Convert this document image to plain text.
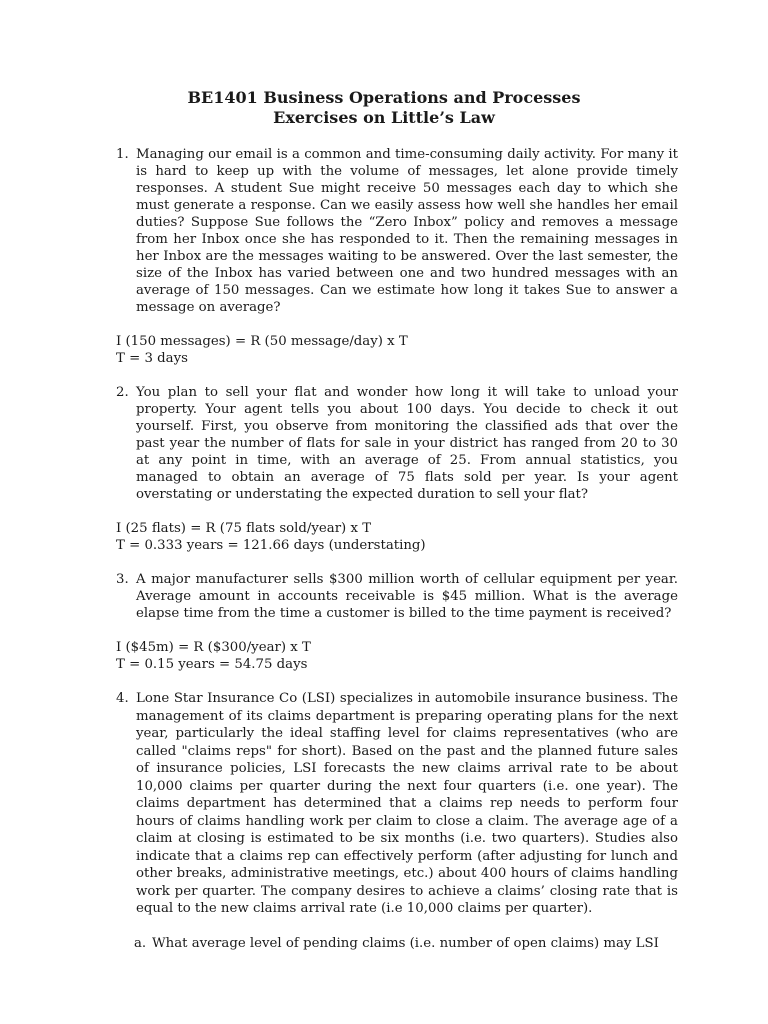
BE1401 Business Operations and Processes
Exercises on Little’s Law

1. Managing our email is a common and time-consuming daily activity. For many it is hard to keep up with the volume of messages, let alone provide timely responses. A student Sue might receive 50 messages each day to which she must generate a response. Can we easily assess how well she handles her email duties? Suppose Sue follows the “Zero Inbox” policy and removes a message from her Inbox once she has responded to it. Then the remaining messages in her Inbox are the messages waiting to be answered. Over the last semester, the size of the Inbox has varied between one and two hundred messages with an average of 150 messages. Can we estimate how long it takes Sue to answer a message on average?

I (150 messages) = R (50 message/day) x T

T = 3 days

2. You plan to sell your flat and wonder how long it will take to unload your property. Your agent tells you about 100 days. You decide to check it out yourself. First, you observe from monitoring the classified ads that over the past year the number of flats for sale in your district has ranged from 20 to 30 at any point in time, with an average of 25. From annual statistics, you managed to obtain an average of 75 flats sold per year. Is your agent overstating or understating the expected duration to sell your flat?

I (25 flats) = R (75 flats sold/year) x T

T = 0.333 years = 121.66 days (understating)

3. A major manufacturer sells $300 million worth of cellular equipment per year. Average amount in accounts receivable is $45 million. What is the average elapse time from the time a customer is billed to the time payment is received?

I ($45m) = R ($300/year) x T

T = 0.15 years = 54.75 days

4. Lone Star Insurance Co (LSI) specializes in automobile insurance business. The management of its claims department is preparing operating plans for the next year, particularly the ideal staffing level for claims representatives (who are called "claims reps" for short). Based on the past and the planned future sales of insurance policies, LSI forecasts the new claims arrival rate to be about 10,000 claims per quarter during the next four quarters (i.e. one year). The claims department has determined that a claims rep needs to perform four hours of claims handling work per claim to close a claim. The average age of a claim at closing is estimated to be six months (i.e. two quarters). Studies also indicate that a claims rep can effectively perform (after adjusting for lunch and other breaks, administrative meetings, etc.) about 400 hours of claims handling work per quarter. The company desires to achieve a claims’ closing rate that is equal to the new claims arrival rate (i.e 10,000 claims per quarter).

a. What average level of pending claims (i.e. number of open claims) may LSI
